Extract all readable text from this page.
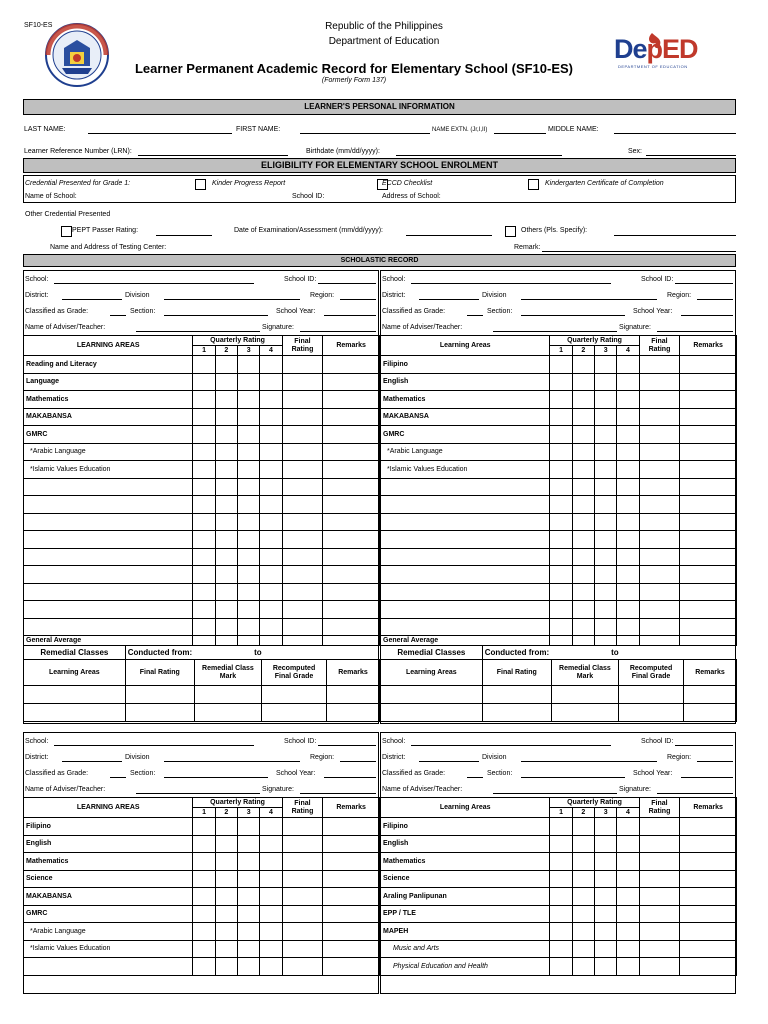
SF10-ES	Republic of the Philippines
Department of Education
Learner Permanent Academic Record for Elementary School (SF10-ES)
(Formerly Form 137)
DepED
DEPARTMENT OF EDUCATION
LEARNER'S PERSONAL INFORMATION
LAST NAME:	FIRST NAME:	NAME EXTN. (Jr,I,II)	MIDDLE NAME:
Learner Reference Number (LRN):	Birthdate (mm/dd/yyyy):	Sex:
ELIGIBILITY FOR ELEMENTARY SCHOOL ENROLMENT
Credential Presented for Grade 1:	Kinder Progress Report	ECCD Checklist	Kindergarten Certificate of Completion
Name of School:	School ID:	Address of School:
Other Credential Presented
PEPT Passer Rating:	Date of Examination/Assessment (mm/dd/yyyy):	Others (Pls. Specify):
Name and Address of Testing Center:	Remark:
SCHOLASTIC RECORD
School:	School ID:
District:	Division	Region:
Classified as Grade:	Section:	School Year:
Name of Adviser/Teacher:	Signature:
LEARNING AREAS	Quarterly Rating				Final Rating	Remarks
	1	2	3	4		
Reading and Literacy						
Language						
Mathematics						
MAKABANSA						
GMRC						
*Arabic Language						
*Islamic Values Education						

General Average						
Remedial Classes	Conducted from: to			
Learning Areas	Final Rating	Remedial Class Mark	Recomputed Final Grade	Remarks

School:	School ID:
District:	Division	Region:
Classified as Grade:	Section:	School Year:
Name of Adviser/Teacher:	Signature:
Learning Areas	Quarterly Rating				Final Rating	Remarks
	1	2	3	4		
Filipino						
English						
Mathematics						
MAKABANSA						
GMRC						
*Arabic Language						
*Islamic Values Education						

General Average						
Remedial Classes	Conducted from: to			
Learning Areas	Final Rating	Remedial Class Mark	Recomputed Final Grade	Remarks

School:	School ID:
District:	Division	Region:
Classified as Grade:	Section:	School Year:
Name of Adviser/Teacher:	Signature:
LEARNING AREAS	Quarterly Rating				Final Rating	Remarks
	1	2	3	4		
Filipino						
English						
Mathematics						
Science						
MAKABANSA						
GMRC						
*Arabic Language						
*Islamic Values Education						

School:	School ID:
District:	Division	Region:
Classified as Grade:	Section:	School Year:
Name of Adviser/Teacher:	Signature:
Learning Areas	Quarterly Rating				Final Rating	Remarks
	1	2	3	4		
Filipino						
English						
Mathematics						
Science						
Araling Panlipunan						
EPP / TLE						
MAPEH						
Music and Arts						
Physical Education and Health						
